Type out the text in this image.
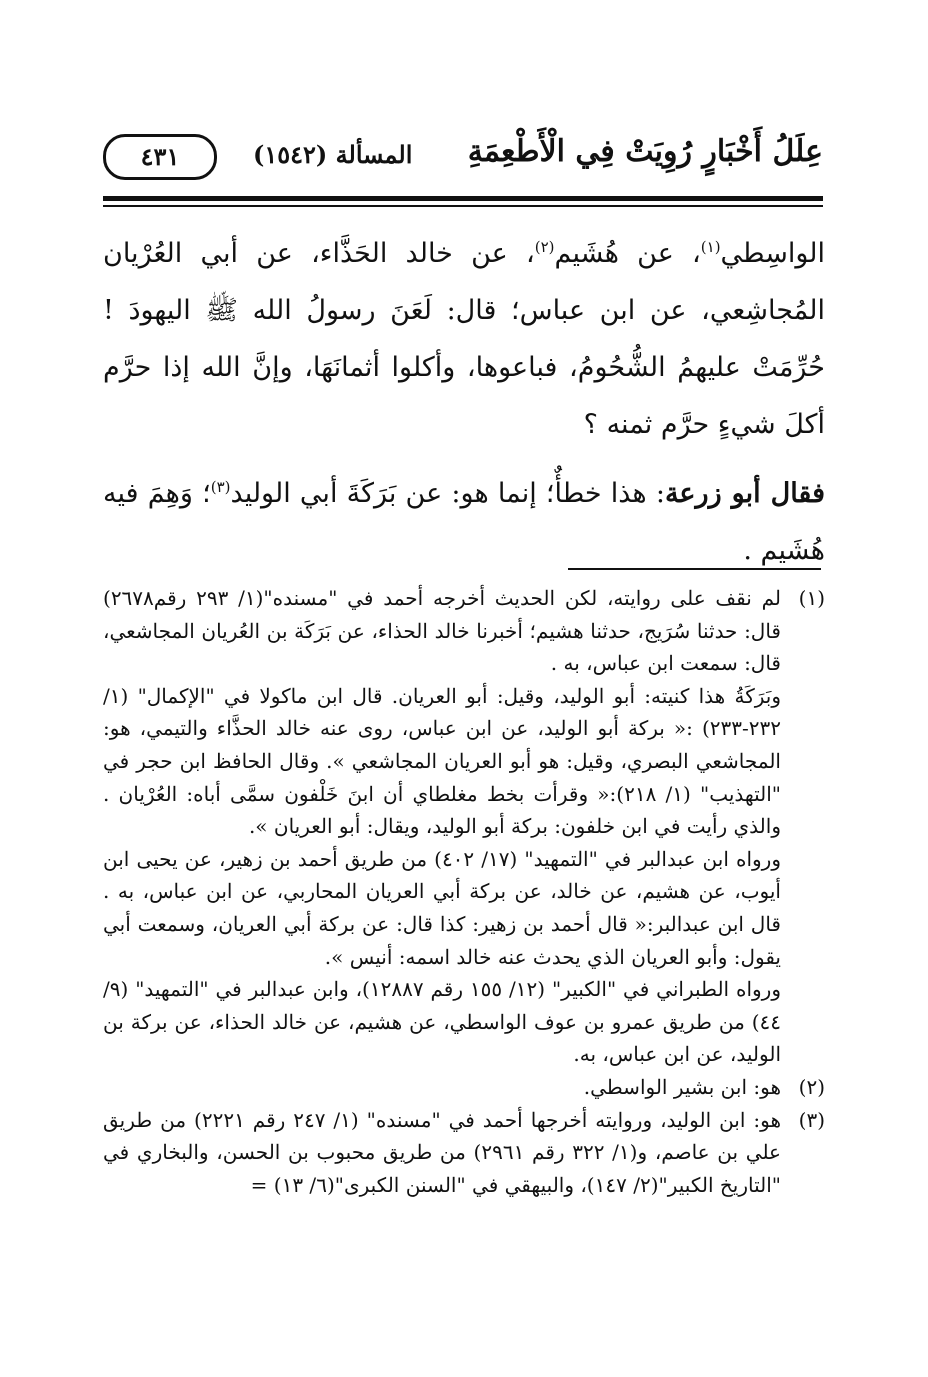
عِلَلُ أَخْبَارٍ رُوِيَتْ فِي الْأَطْعِمَةِ
المسألة (١٥٤٢)
٤٣١

الواسِطي$^{(١)}$، عن هُشَيم$^{(٢)}$، عن خالد الحَذَّاء، عن أبي العُرْيان المُجاشِعي، عن ابن عباس؛ قال: لَعَنَ رسولُ الله ﷺ اليهودَ ! حُرِّمَتْ عليهمُ الشُّحُومُ، فباعوها، وأكلوا أثمانَهَا، وإنَّ الله إذا حرَّم أكلَ شيءٍ حرَّم ثمنه ؟

فقال أبو زرعة: هذا خطأٌ؛ إنما هو: عن بَرَكَةَ أبي الوليد$^{(٣)}$؛ وَهِمَ فيه هُشَيم .

(١)

لم نقف على روايته، لكن الحديث أخرجه أحمد في "مسنده"(١/ ٢٩٣ رقم٢٦٧٨) قال: حدثنا سُرَيج، حدثنا هشيم؛ أخبرنا خالد الحذاء، عن بَرَكَة بن العُريان المجاشعي، قال: سمعت ابن عباس، به .

وبَرَكَةُ هذا كنيته: أبو الوليد، وقيل: أبو العريان. قال ابن ماكولا في "الإكمال" (١/ ٢٣٢-٢٣٣) :« بركة أبو الوليد، عن ابن عباس، روى عنه خالد الحذَّاء والتيمي، هو: المجاشعي البصري، وقيل: هو أبو العريان المجاشعي ». وقال الحافظ ابن حجر في "التهذيب" (١/ ٢١٨):« وقرأت بخط مغلطاي أن ابنَ خَلْفون سمَّى أباه: العُرْيان . والذي رأيت في ابن خلفون: بركة أبو الوليد، ويقال: أبو العريان ».

ورواه ابن عبدالبر في "التمهيد" (١٧/ ٤٠٢) من طريق أحمد بن زهير، عن يحيى ابن أيوب، عن هشيم، عن خالد، عن بركة أبي العريان المحاربي، عن ابن عباس، به . قال ابن عبدالبر:« قال أحمد بن زهير: كذا قال: عن بركة أبي العريان، وسمعت أبي يقول: وأبو العريان الذي يحدث عنه خالد اسمه: أنيس ».

ورواه الطبراني في "الكبير" (١٢/ ١٥٥ رقم ١٢٨٨٧)، وابن عبدالبر في "التمهيد" (٩/ ٤٤) من طريق عمرو بن عوف الواسطي، عن هشيم، عن خالد الحذاء، عن بركة بن الوليد، عن ابن عباس، به.

(٢)

هو: ابن بشير الواسطي.

(٣)

هو: ابن الوليد، وروايته أخرجها أحمد في "مسنده" (١/ ٢٤٧ رقم ٢٢٢١) من طريق علي بن عاصم، و(١/ ٣٢٢ رقم ٢٩٦١) من طريق محبوب بن الحسن، والبخاري في "التاريخ الكبير"(٢/ ١٤٧)، والبيهقي في "السنن الكبرى"(٦/ ١٣) =
